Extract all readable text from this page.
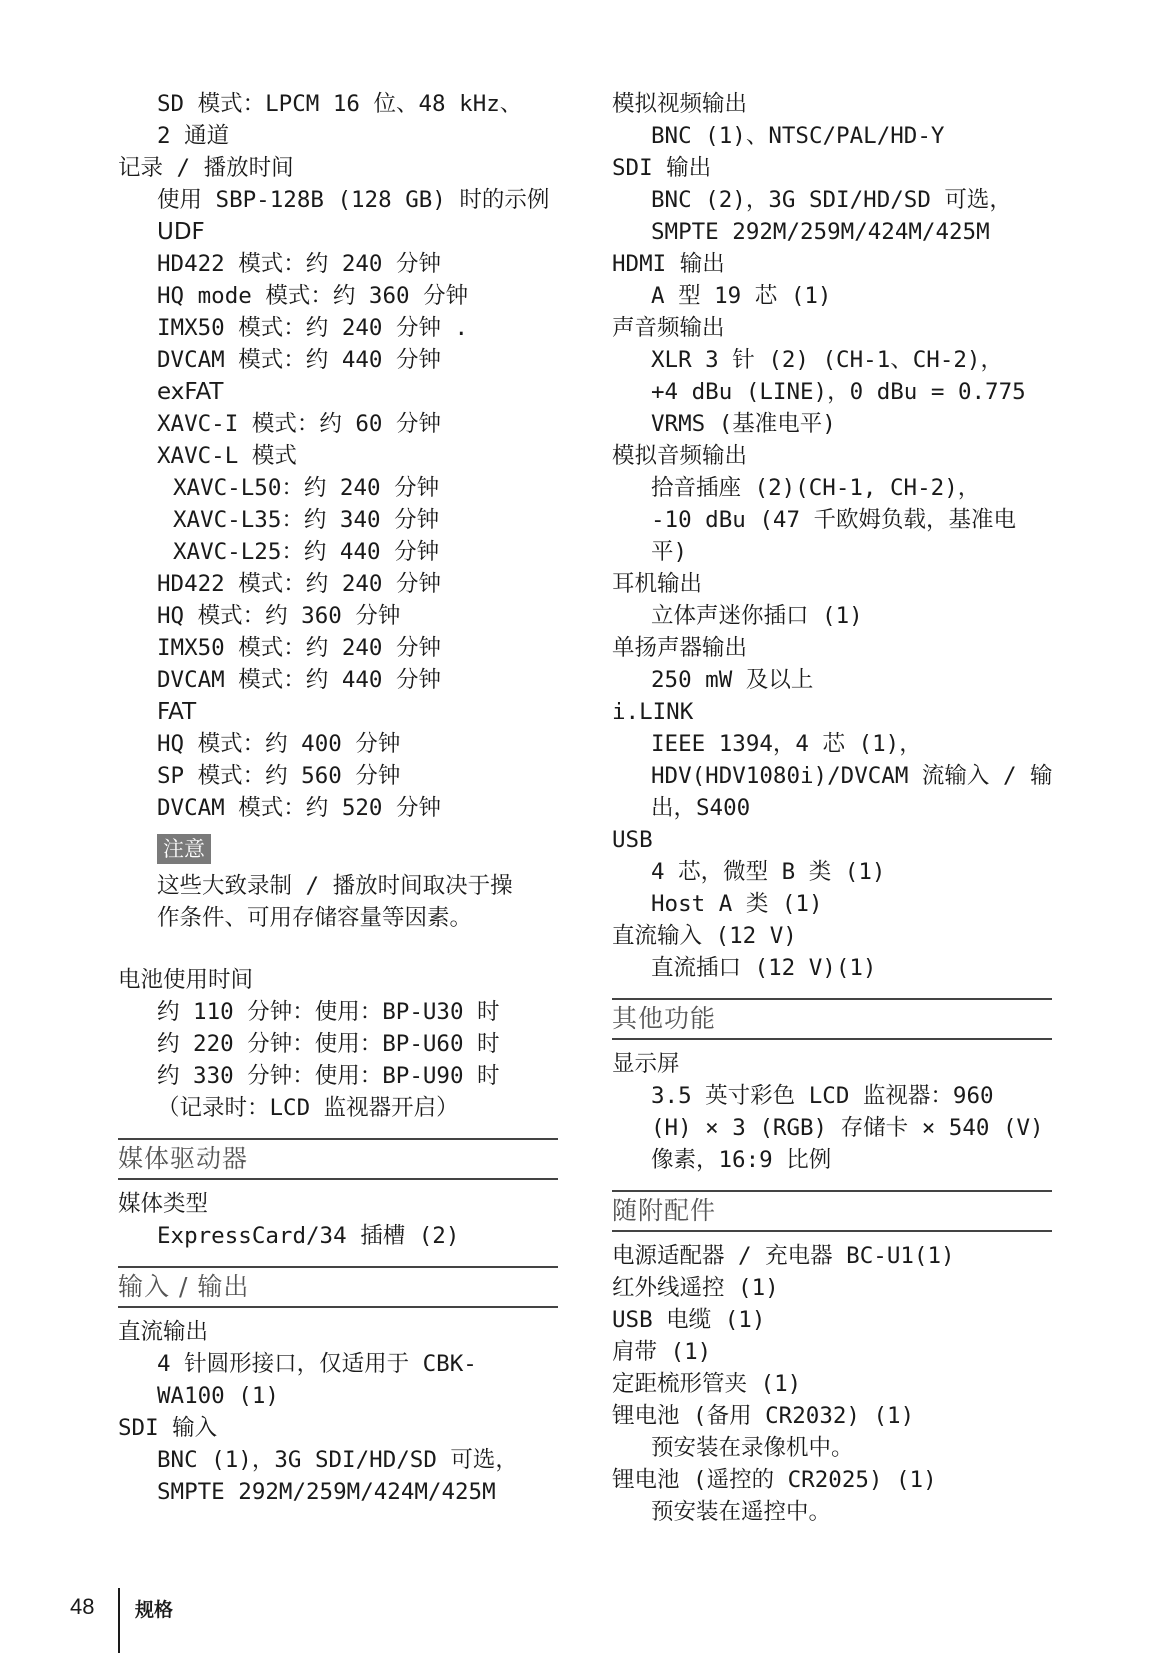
SD 模式：LPCM 16 位、48 kHz、
2 通道
记录 / 播放时间
使用 SBP-128B (128 GB) 时的示例
UDF
HD422 模式：约 240 分钟
HQ mode 模式：约 360 分钟
IMX50 模式：约 240 分钟 .
DVCAM 模式：约 440 分钟
exFAT
XAVC-I 模式：约 60 分钟
XAVC-L 模式
XAVC-L50：约 240 分钟
XAVC-L35：约 340 分钟
XAVC-L25：约 440 分钟
HD422 模式：约 240 分钟
HQ 模式：约 360 分钟
IMX50 模式：约 240 分钟
DVCAM 模式：约 440 分钟
FAT
HQ 模式：约 400 分钟
SP 模式：约 560 分钟
DVCAM 模式：约 520 分钟
注意
这些大致录制 / 播放时间取决于操
作条件、可用存储容量等因素。
电池使用时间
约 110 分钟：使用：BP-U30 时
约 220 分钟：使用：BP-U60 时
约 330 分钟：使用：BP-U90 时
（记录时：LCD 监视器开启）
媒体驱动器
媒体类型
ExpressCard/34 插槽 (2)
输入 / 输出
直流输出
4 针圆形接口，仅适用于 CBK-
WA100 (1)
SDI 输入
BNC (1)，3G SDI/HD/SD 可选，
SMPTE 292M/259M/424M/425M
模拟视频输出
BNC (1)、NTSC/PAL/HD-Y
SDI 输出
BNC (2)，3G SDI/HD/SD 可选，
SMPTE 292M/259M/424M/425M
HDMI 输出
A 型 19 芯 (1)
声音频输出
XLR 3 针 (2) (CH-1、CH-2)，
+4 dBu (LINE)，0 dBu = 0.775
VRMS (基准电平)
模拟音频输出
拾音插座 (2)(CH-1, CH-2)，
-10 dBu (47 千欧姆负载，基准电
平)
耳机输出
立体声迷你插口 (1)
单扬声器输出
250 mW 及以上
i.LINK
IEEE 1394，4 芯 (1)，
HDV(HDV1080i)/DVCAM 流输入 / 输
出，S400
USB
4 芯，微型 B 类 (1)
Host A 类 (1)
直流输入 (12 V)
直流插口 (12 V)(1)
其他功能
显示屏
3.5 英寸彩色 LCD 监视器：960
(H) × 3 (RGB) 存储卡 × 540 (V)
像素，16:9 比例
随附配件
电源适配器 / 充电器 BC-U1(1)
红外线遥控 (1)
USB 电缆 (1)
肩带 (1)
定距梳形管夹 (1)
锂电池 (备用 CR2032) (1)
预安装在录像机中。
锂电池 (遥控的 CR2025) (1)
预安装在遥控中。
48 规格
